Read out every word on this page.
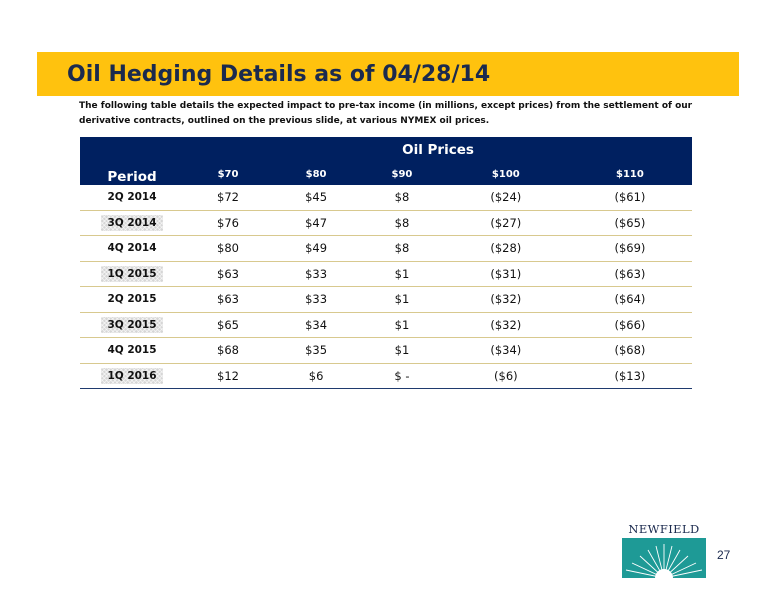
Oil Hedging Details as of 04/28/14

The following table details the expected impact to pre-tax income (in millions, except prices) from the settlement of our derivative contracts, outlined on the previous slide, at various NYMEX oil prices.

Period	Oil Prices				
	$70	$80	$90	$100	$110
2Q 2014	$72	$45	$8	($24)	($61)
3Q 2014	$76	$47	$8	($27)	($65)
4Q 2014	$80	$49	$8	($28)	($69)
1Q 2015	$63	$33	$1	($31)	($63)
2Q 2015	$63	$33	$1	($32)	($64)
3Q 2015	$65	$34	$1	($32)	($66)
4Q 2015	$68	$35	$1	($34)	($68)
1Q 2016	$12	$6	$ -	($6)	($13)
NEWFIELD
27
